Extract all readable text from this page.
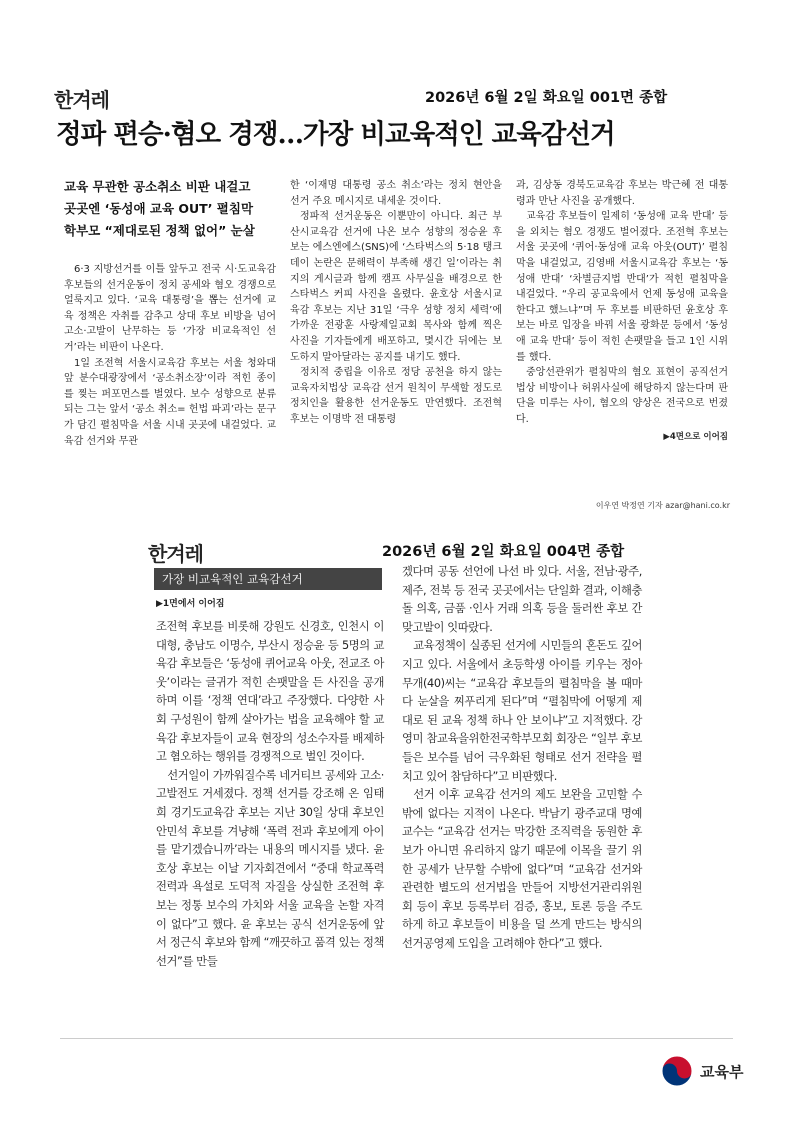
한겨레	2026년 6월 2일 화요일 001면 종합
정파 편승·혐오 경쟁…가장 비교육적인 교육감선거

교육 무관한 공소취소 비판 내걸고

곳곳엔 ‘동성애 교육 OUT’ 펼침막

학부모 “제대로된 정책 없어” 눈살

6·3 지방선거를 이틀 앞두고 전국 시·도교육감 후보들의 선거운동이 정치 공세와 혐오 경쟁으로 얼룩지고 있다. ‘교육 대통령’을 뽑는 선거에 교육 정책은 자취를 감추고 상대 후보 비방을 넘어 고소·고발이 난무하는 등 ‘가장 비교육적인 선거’라는 비판이 나온다.

1일 조전혁 서울시교육감 후보는 서울 청와대 앞 분수대광장에서 ‘공소취소장’이라 적힌 종이를 찢는 퍼포먼스를 벌였다. 보수 성향으로 분류되는 그는 앞서 ‘공소 취소= 헌법 파괴’라는 문구가 담긴 펼침막을 서울 시내 곳곳에 내걸었다. 교육감 선거와 무관

한 ‘이재명 대통령 공소 취소’라는 정치 현안을 선거 주요 메시지로 내세운 것이다.

정파적 선거운동은 이뿐만이 아니다. 최근 부산시교육감 선거에 나온 보수 성향의 정승윤 후보는 에스엔에스(SNS)에 ‘스타벅스의 5·18 탱크데이 논란은 문해력이 부족해 생긴 일’이라는 취지의 게시글과 함께 캠프 사무실을 배경으로 한 스타벅스 커피 사진을 올렸다. 윤호상 서울시교육감 후보는 지난 31일 ‘극우 성향 정치 세력’에 가까운 전광훈 사랑제일교회 목사와 함께 찍은 사진을 기자들에게 배포하고, 몇시간 뒤에는 보도하지 말아달라는 공지를 내기도 했다.

정치적 중립을 이유로 정당 공천을 하지 않는 교육자치법상 교육감 선거 원칙이 무색할 정도로 정치인을 활용한 선거운동도 만연했다. 조전혁 후보는 이명박 전 대통령

과, 김상동 경북도교육감 후보는 박근혜 전 대통령과 만난 사진을 공개했다.

교육감 후보들이 일제히 ‘동성애 교육 반대’ 등을 외치는 혐오 경쟁도 벌어졌다. 조전혁 후보는 서울 곳곳에 ‘퀴어·동성애 교육 아웃(OUT)’ 펼침막을 내걸었고, 김영배 서울시교육감 후보는 ‘동성애 반대’ ‘차별금지법 반대’가 적힌 펼침막을 내걸었다. “우리 공교육에서 언제 동성애 교육을 한다고 했느냐”며 두 후보를 비판하던 윤호상 후보는 바로 입장을 바꿔 서울 광화문 등에서 ‘동성애 교육 반대’ 등이 적힌 손팻말을 들고 1인 시위를 했다.

중앙선관위가 펼침막의 혐오 표현이 공직선거법상 비방이나 허위사실에 해당하지 않는다며 판단을 미루는 사이, 혐오의 양상은 전국으로 번졌다.

▶4면으로 이어짐
이우연 박정연 기자 azar@hani.co.kr
한겨레	2026년 6월 2일 화요일 004면 종합
가장 비교육적인 교육감선거
▶1면에서 이어짐

조전혁 후보를 비롯해 강원도 신경호, 인천시 이대형, 충남도 이명수, 부산시 정승윤 등 5명의 교육감 후보들은 ‘동성애 퀴어교육 아웃, 전교조 아웃’이라는 글귀가 적힌 손팻말을 든 사진을 공개하며 이를 ‘정책 연대’라고 주장했다. 다양한 사회 구성원이 함께 살아가는 법을 교육해야 할 교육감 후보자들이 교육 현장의 성소수자를 배제하고 혐오하는 행위를 경쟁적으로 벌인 것이다.

선거일이 가까워질수록 네거티브 공세와 고소·고발전도 거세졌다. 정책 선거를 강조해 온 임태희 경기도교육감 후보는 지난 30일 상대 후보인 안민석 후보를 겨냥해 ‘폭력 전과 후보에게 아이를 맡기겠습니까’라는 내용의 메시지를 냈다. 윤호상 후보는 이날 기자회견에서 “중대 학교폭력 전력과 욕설로 도덕적 자질을 상실한 조전혁 후보는 정통 보수의 가치와 서울 교육을 논할 자격이 없다”고 했다. 윤 후보는 공식 선거운동에 앞서 정근식 후보와 함께 “깨끗하고 품격 있는 정책 선거”를 만들

겠다며 공동 선언에 나선 바 있다. 서울, 전남·광주, 제주, 전북 등 전국 곳곳에서는 단일화 결과, 이해충돌 의혹, 금품 ·인사 거래 의혹 등을 둘러싼 후보 간 맞고발이 잇따랐다.

교육정책이 실종된 선거에 시민들의 혼돈도 깊어지고 있다. 서울에서 초등학생 아이를 키우는 정아무개(40)씨는 “교육감 후보들의 펼침막을 볼 때마다 눈살을 찌푸리게 된다”며 “펼침막에 어떻게 제대로 된 교육 정책 하나 안 보이냐”고 지적했다. 강영미 참교육을위한전국학부모회 회장은 “일부 후보들은 보수를 넘어 극우화된 형태로 선거 전략을 펼치고 있어 참담하다”고 비판했다.

선거 이후 교육감 선거의 제도 보완을 고민할 수밖에 없다는 지적이 나온다. 박남기 광주교대 명예교수는 “교육감 선거는 막강한 조직력을 동원한 후보가 아니면 유리하지 않기 때문에 이목을 끌기 위한 공세가 난무할 수밖에 없다”며 “교육감 선거와 관련한 별도의 선거법을 만들어 지방선거관리위원회 등이 후보 등록부터 검증, 홍보, 토론 등을 주도하게 하고 후보들이 비용을 덜 쓰게 만드는 방식의 선거공영제 도입을 고려해야 한다”고 했다.

교육부
